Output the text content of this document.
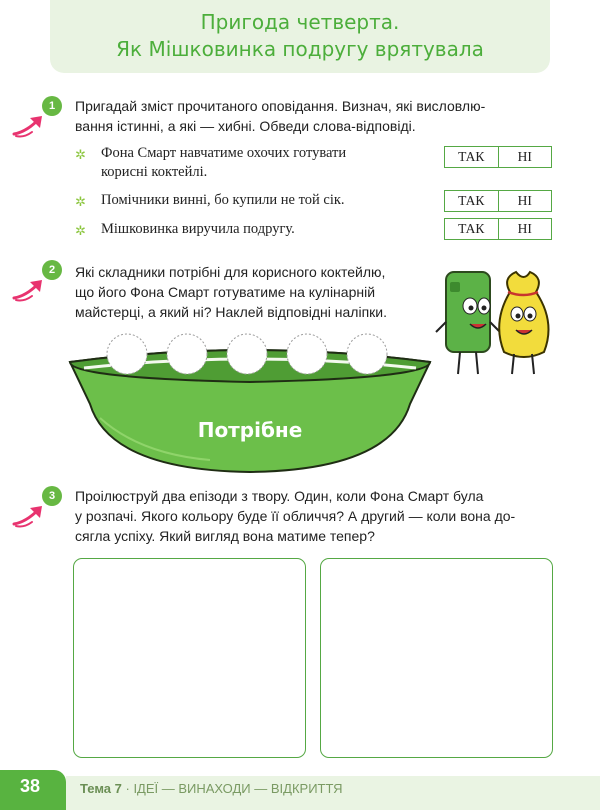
Пригода четверта.
Як Мішковинка подругу врятувала
1	Пригадай зміст прочитаного оповідання. Визнач, які висловлю-
вання істинні, а які — хибні. Обведи слова-відповіді.
✲ Фона Смарт навчатиме охочих готувати
корисні коктейлі.
ТАК	НІ
✲ Помічники винні, бо купили не той сік.	ТАК	НІ
✲ Мішковинка виручила подругу.	ТАК	НІ
2	Які складники потрібні для корисного коктейлю,
що його Фона Смарт готуватиме на кулінарній
майстерці, а який ні? Наклей відповідні наліпки.
Потрібне
3	Проілюструй два епізоди з твору. Один, коли Фона Смарт була
у розпачі. Якого кольору буде її обличчя? А другий — коли вона до-
сягла успіху. Який вигляд вона матиме тепер?
38	Тема 7 · ІДЕЇ — ВИНАХОДИ — ВІДКРИТТЯ
